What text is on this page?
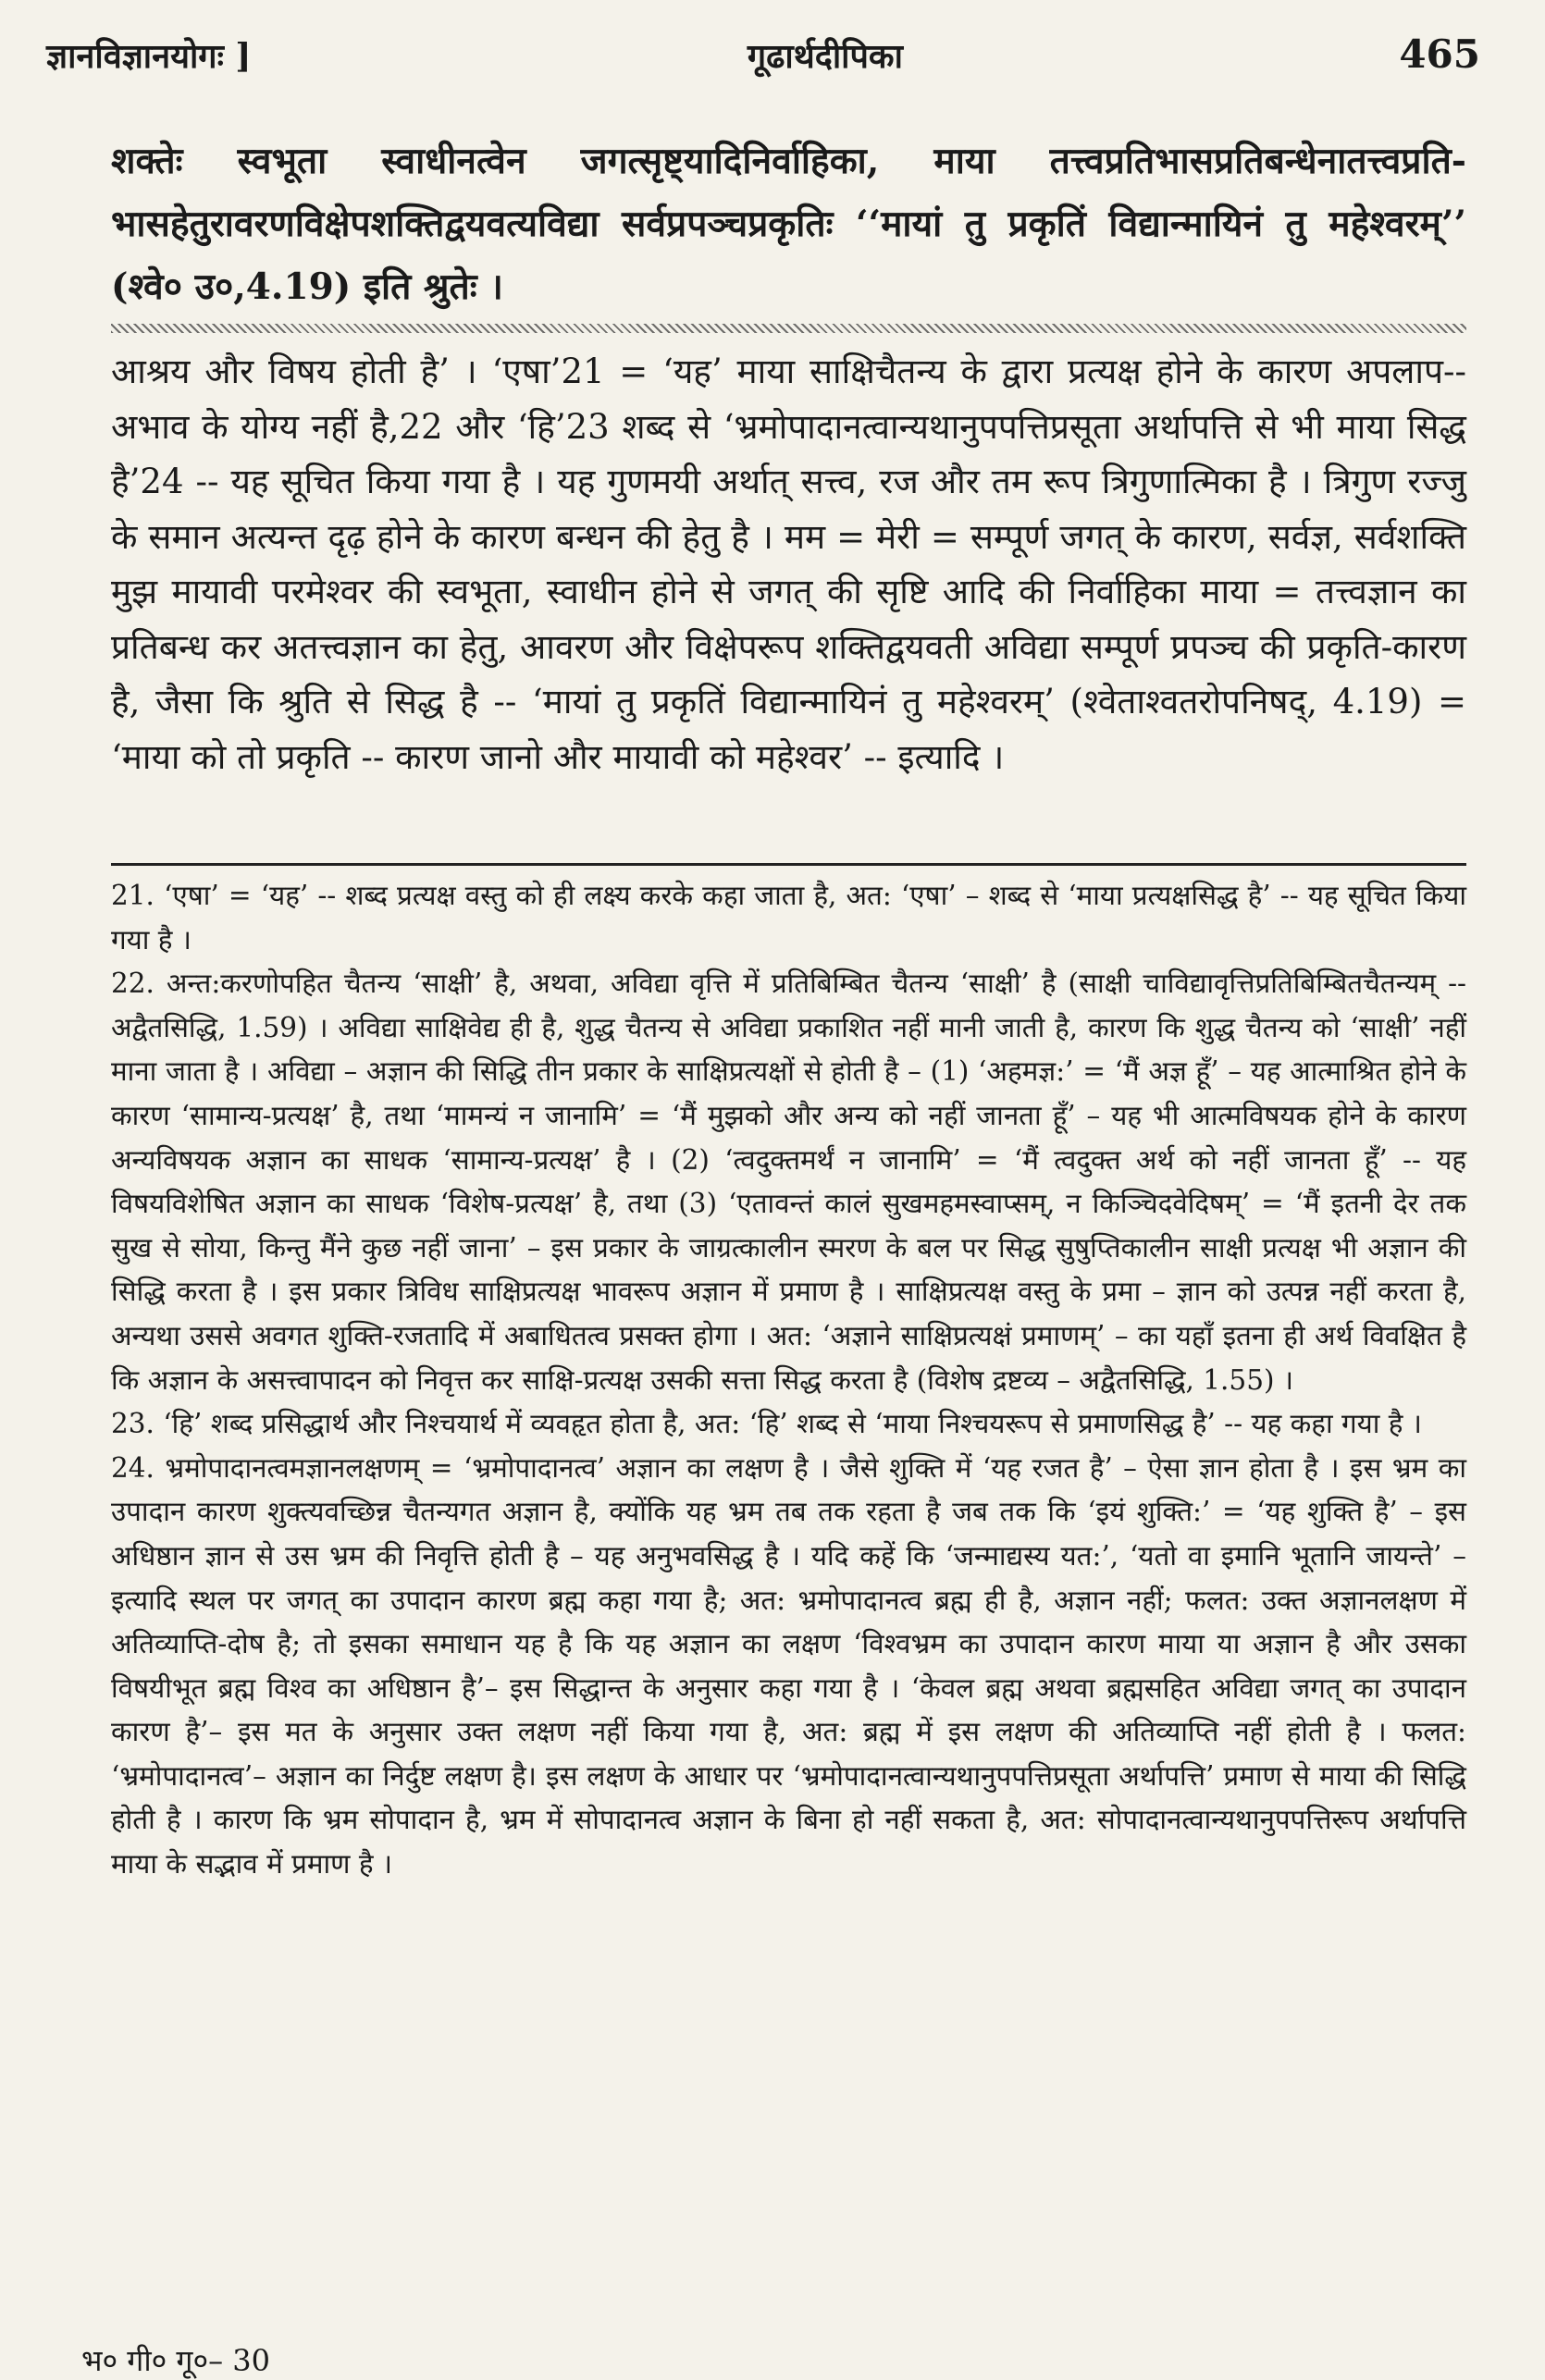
ज्ञानविज्ञानयोगः ]	गूढार्थदीपिका	465
शक्तेः स्वभूता स्वाधीनत्वेन जगत्सृष्ट्यादिनिर्वाहिका, माया तत्त्वप्रतिभासप्रतिबन्धेनातत्त्वप्रति-भासहेतुरावरणविक्षेपशक्तिद्वयवत्यविद्या सर्वप्रपञ्चप्रकृतिः ‘‘मायां तु प्रकृतिं विद्यान्मायिनं तु महेश्वरम्’’ (श्वे० उ०,4.19) इति श्रुतेः ।
आश्रय और विषय होती है’ । ‘एषा’21 = ‘यह’ माया साक्षिचैतन्य के द्वारा प्रत्यक्ष होने के कारण अपलाप--अभाव के योग्य नहीं है,22 और ‘हि’23 शब्द से ‘भ्रमोपादानत्वान्यथानुपपत्तिप्रसूता अर्थापत्ति से भी माया सिद्ध है’24 -- यह सूचित किया गया है । यह गुणमयी अर्थात् सत्त्व, रज और तम रूप त्रिगुणात्मिका है । त्रिगुण रज्जु के समान अत्यन्त दृढ़ होने के कारण बन्धन की हेतु है । मम = मेरी = सम्पूर्ण जगत् के कारण, सर्वज्ञ, सर्वशक्ति मुझ मायावी परमेश्वर की स्वभूता, स्वाधीन होने से जगत् की सृष्टि आदि की निर्वाहिका माया = तत्त्वज्ञान का प्रतिबन्ध कर अतत्त्वज्ञान का हेतु, आवरण और विक्षेपरूप शक्तिद्वयवती अविद्या सम्पूर्ण प्रपञ्च की प्रकृति-कारण है, जैसा कि श्रुति से सिद्ध है -- ‘मायां तु प्रकृतिं विद्यान्मायिनं तु महेश्वरम्’ (श्वेताश्वतरोपनिषद्, 4.19) = ‘माया को तो प्रकृति -- कारण जानो और मायावी को महेश्वर’ -- इत्यादि ।

21. ‘एषा’ = ‘यह’ -- शब्द प्रत्यक्ष वस्तु को ही लक्ष्य करके कहा जाता है, अत: ‘एषा’ – शब्द से ‘माया प्रत्यक्षसिद्ध है’ -- यह सूचित किया गया है ।

22. अन्त:करणोपहित चैतन्य ‘साक्षी’ है, अथवा, अविद्या वृत्ति में प्रतिबिम्बित चैतन्य ‘साक्षी’ है (साक्षी चाविद्यावृत्तिप्रतिबिम्बितचैतन्यम् -- अद्वैतसिद्धि, 1.59) । अविद्या साक्षिवेद्य ही है, शुद्ध चैतन्य से अविद्या प्रकाशित नहीं मानी जाती है, कारण कि शुद्ध चैतन्य को ‘साक्षी’ नहीं माना जाता है । अविद्या – अज्ञान की सिद्धि तीन प्रकार के साक्षिप्रत्यक्षों से होती है – (1) ‘अहमज्ञ:’ = ‘मैं अज्ञ हूँ’ – यह आत्माश्रित होने के कारण ‘सामान्य-प्रत्यक्ष’ है, तथा ‘मामन्यं न जानामि’ = ‘मैं मुझको और अन्य को नहीं जानता हूँ’ – यह भी आत्मविषयक होने के कारण अन्यविषयक अज्ञान का साधक ‘सामान्य-प्रत्यक्ष’ है । (2) ‘त्वदुक्तमर्थं न जानामि’ = ‘मैं त्वदुक्त अर्थ को नहीं जानता हूँ’ -- यह विषयविशेषित अज्ञान का साधक ‘विशेष-प्रत्यक्ष’ है, तथा (3) ‘एतावन्तं कालं सुखमहमस्वाप्सम्, न किञ्चिदवेदिषम्’ = ‘मैं इतनी देर तक सुख से सोया, किन्तु मैंने कुछ नहीं जाना’ – इस प्रकार के जाग्रत्कालीन स्मरण के बल पर सिद्ध सुषुप्तिकालीन साक्षी प्रत्यक्ष भी अज्ञान की सिद्धि करता है । इस प्रकार त्रिविध साक्षिप्रत्यक्ष भावरूप अज्ञान में प्रमाण है । साक्षिप्रत्यक्ष वस्तु के प्रमा – ज्ञान को उत्पन्न नहीं करता है, अन्यथा उससे अवगत शुक्ति-रजतादि में अबाधितत्व प्रसक्त होगा । अत: ‘अज्ञाने साक्षिप्रत्यक्षं प्रमाणम्’ – का यहाँ इतना ही अर्थ विवक्षित है कि अज्ञान के असत्त्वापादन को निवृत्त कर साक्षि-प्रत्यक्ष उसकी सत्ता सिद्ध करता है (विशेष द्रष्टव्य – अद्वैतसिद्धि, 1.55) ।

23. ‘हि’ शब्द प्रसिद्धार्थ और निश्चयार्थ में व्यवहृत होता है, अत: ‘हि’ शब्द से ‘माया निश्चयरूप से प्रमाणसिद्ध है’ -- यह कहा गया है ।

24. भ्रमोपादानत्वमज्ञानलक्षणम् = ‘भ्रमोपादानत्व’ अज्ञान का लक्षण है । जैसे शुक्ति में ‘यह रजत है’ – ऐसा ज्ञान होता है । इस भ्रम का उपादान कारण शुक्त्यवच्छिन्न चैतन्यगत अज्ञान है, क्योंकि यह भ्रम तब तक रहता है जब तक कि ‘इयं शुक्ति:’ = ‘यह शुक्ति है’ – इस अधिष्ठान ज्ञान से उस भ्रम की निवृत्ति होती है – यह अनुभवसिद्ध है । यदि कहें कि ‘जन्माद्यस्य यत:’, ‘यतो वा इमानि भूतानि जायन्ते’ – इत्यादि स्थल पर जगत् का उपादान कारण ब्रह्म कहा गया है; अत: भ्रमोपादानत्व ब्रह्म ही है, अज्ञान नहीं; फलत: उक्त अज्ञानलक्षण में अतिव्याप्ति-दोष है; तो इसका समाधान यह है कि यह अज्ञान का लक्षण ‘विश्वभ्रम का उपादान कारण माया या अज्ञान है और उसका विषयीभूत ब्रह्म विश्व का अधिष्ठान है’– इस सिद्धान्त के अनुसार कहा गया है । ‘केवल ब्रह्म अथवा ब्रह्मसहित अविद्या जगत् का उपादान कारण है’– इस मत के अनुसार उक्त लक्षण नहीं किया गया है, अत: ब्रह्म में इस लक्षण की अतिव्याप्ति नहीं होती है । फलत: ‘भ्रमोपादानत्व’– अज्ञान का निर्दुष्ट लक्षण है। इस लक्षण के आधार पर ‘भ्रमोपादानत्वान्यथानुपपत्तिप्रसूता अर्थापत्ति’ प्रमाण से माया की सिद्धि होती है । कारण कि भ्रम सोपादान है, भ्रम में सोपादानत्व अज्ञान के बिना हो नहीं सकता है, अत: सोपादानत्वान्यथानुपपत्तिरूप अर्थापत्ति माया के सद्भाव में प्रमाण है ।

भ० गी० गू०– 30
